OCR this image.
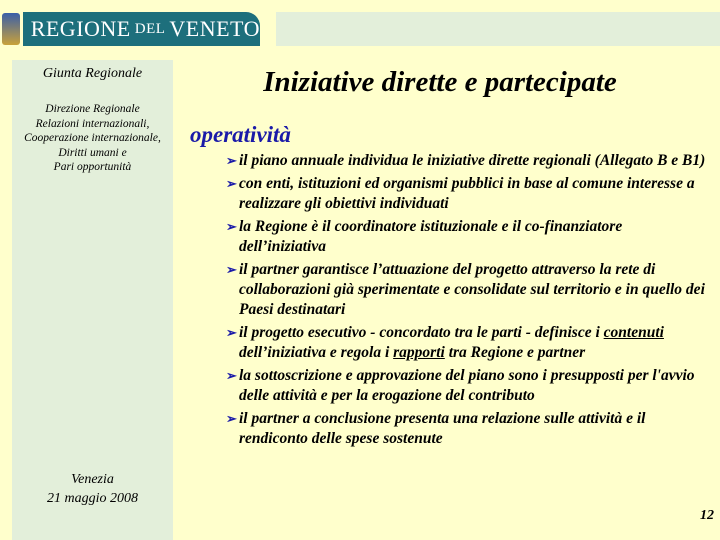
REGIONE DEL VENETO
Giunta Regionale
Direzione Regionale
Relazioni internazionali,
Cooperazione internazionale,
Diritti umani e
Pari opportunità
Venezia
21 maggio 2008
Iniziative dirette e partecipate
operatività
➢ il piano annuale individua le iniziative dirette regionali (Allegato B e B1)
➢ con enti, istituzioni ed organismi pubblici in base al comune interesse a realizzare gli obiettivi individuati
➢ la Regione è il coordinatore istituzionale e il co-finanziatore dell’iniziativa
➢ il partner garantisce l’attuazione del progetto attraverso la rete di collaborazioni già sperimentate e consolidate sul territorio e in quello dei Paesi destinatari
➢ il progetto esecutivo - concordato tra le parti - definisce i contenuti dell’iniziativa e regola i rapporti tra Regione e partner
➢ la sottoscrizione e approvazione del piano sono i presupposti per l'avvio delle attività e per la erogazione del contributo
➢ il partner a conclusione presenta una relazione sulle attività e il rendiconto delle spese sostenute
12
